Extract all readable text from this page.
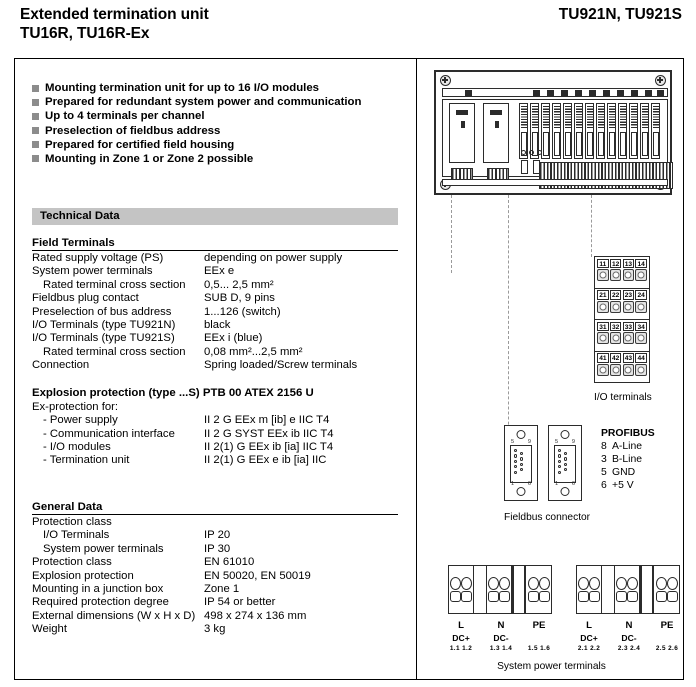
Extended termination unit
TU16R, TU16R-Ex
TU921N, TU921S
Mounting termination unit for up to 16 I/O modules
Prepared for redundant system power and communication
Up to 4 terminals per channel
Preselection of fieldbus address
Prepared for certified field housing
Mounting in Zone 1 or Zone 2 possible
Technical Data
Field Terminals
Rated supply voltage (PS)	depending on power supply
System power terminals	EEx e
Rated terminal cross section	0,5... 2,5 mm²
Fieldbus plug contact	SUB D, 9 pins
Preselection of bus address	1...126 (switch)
I/O Terminals (type TU921N)	black
I/O Terminals (type TU921S)	EEx i (blue)
Rated terminal cross section	0,08 mm²...2,5 mm²
Connection	Spring loaded/Screw terminals
Explosion protection (type ...S) PTB 00 ATEX 2156 U
Ex-protection for:
- Power supply	II 2 G EEx m [ib] e IIC T4
- Communication interface	II 2 G SYST EEx ib IIC T4
- I/O modules	II 2(1) G EEx ib [ia] IIC T4
- Termination unit	II 2(1) G EEx e ib [ia] IIC
General Data
Protection class
I/O Terminals	IP 20
System power terminals	IP 30
Protection class	EN 61010
Explosion protection	EN 50020, EN 50019
Mounting in a junction box	Zone 1
Required protection degree	IP 54 or better
External dimensions (W x H x D) 498 x 274 x 136 mm
Weight	3 kg
11 12 13 14
21 22 23 24
31 32 33 34
41 42 43 44
I/O terminals
5 9
1 6
5 9
1 6
PROFIBUS
8 A-Line
3 B-Line
5 GND
6 +5 V
Fieldbus connector
L	N	PE
DC+	DC-
1.1 1.2	1.3 1.4	1.5 1.6
L	N	PE
DC+	DC-
2.1 2.2	2.3 2.4	2.5 2.6
System power terminals
